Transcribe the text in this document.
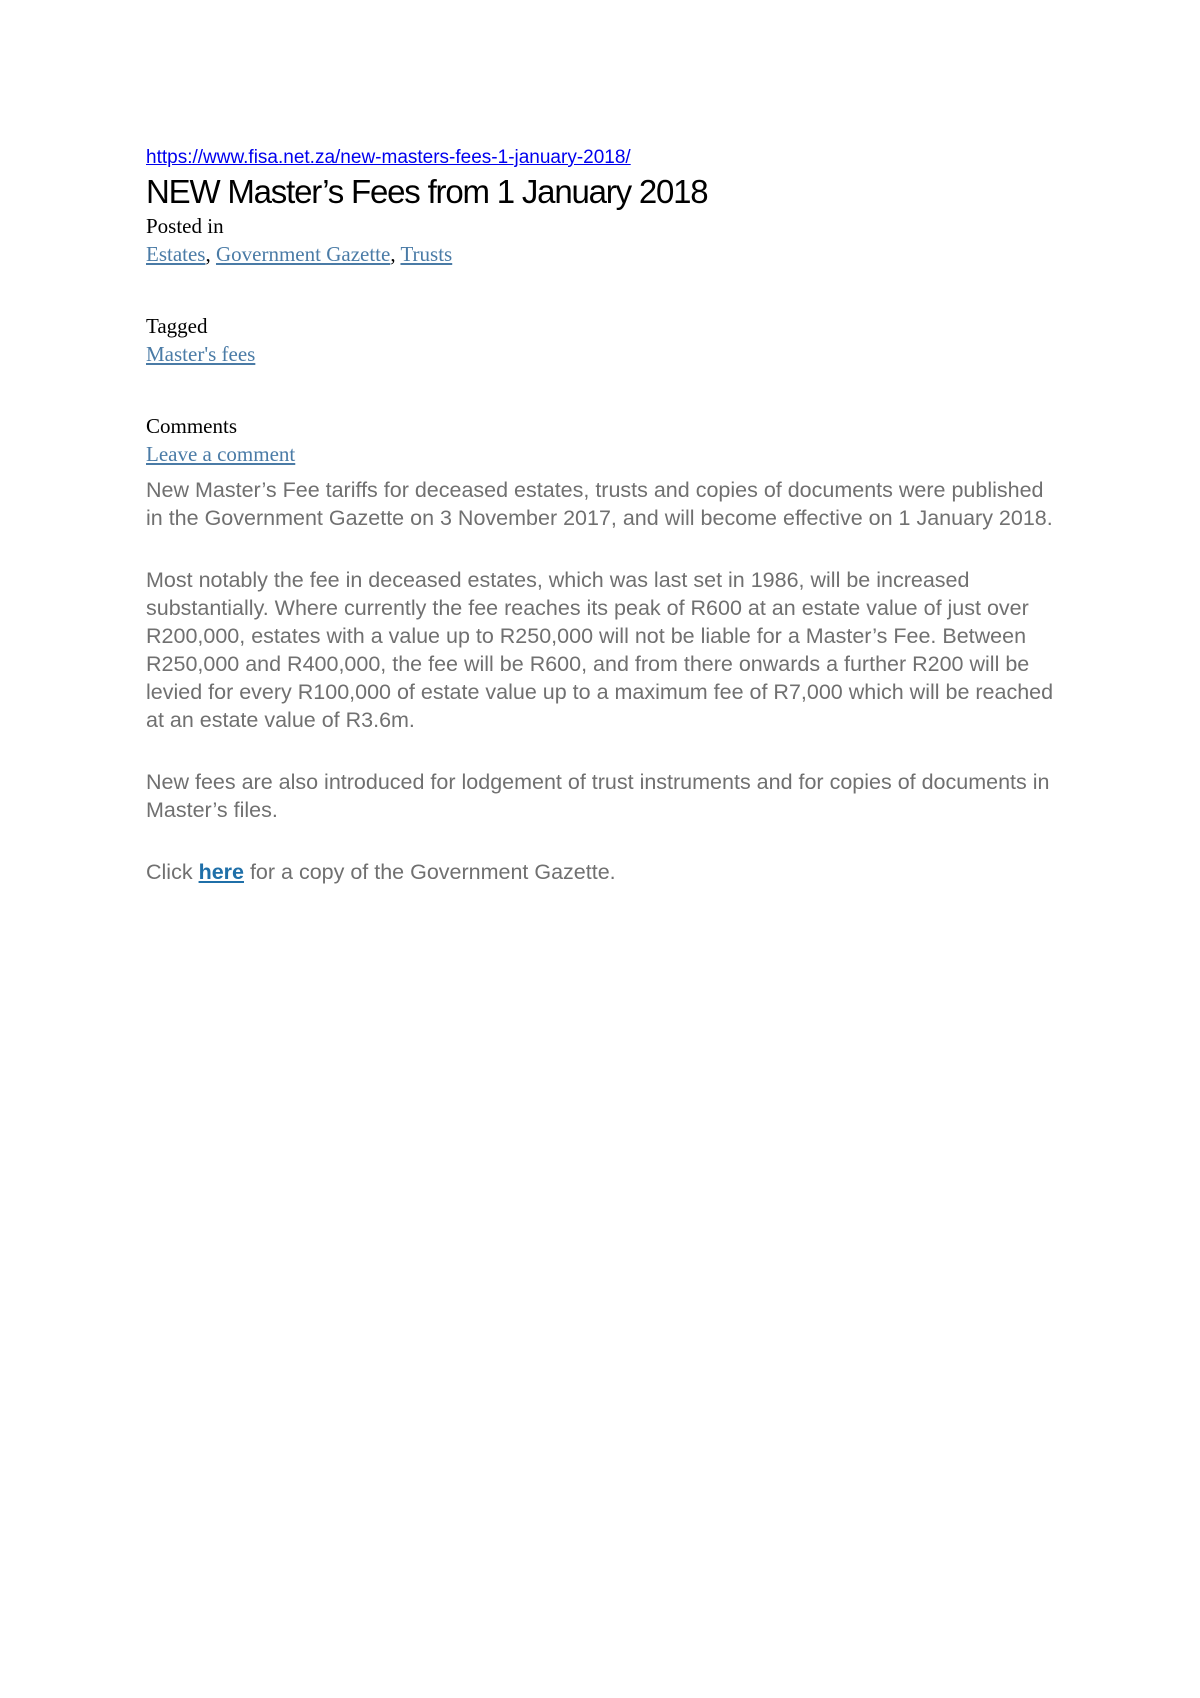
https://www.fisa.net.za/new-masters-fees-1-january-2018/
NEW Master’s Fees from 1 January 2018
Posted in
Estates, Government Gazette, Trusts
Tagged
Master's fees
Comments
Leave a comment

New Master’s Fee tariffs for deceased estates, trusts and copies of documents were published in the Government Gazette on 3 November 2017, and will become effective on 1 January 2018.

Most notably the fee in deceased estates, which was last set in 1986, will be increased substantially. Where currently the fee reaches its peak of R600 at an estate value of just over R200,000, estates with a value up to R250,000 will not be liable for a Master’s Fee. Between R250,000 and R400,000, the fee will be R600, and from there onwards a further R200 will be levied for every R100,000 of estate value up to a maximum fee of R7,000 which will be reached at an estate value of R3.6m.

New fees are also introduced for lodgement of trust instruments and for copies of documents in Master’s files.

Click here for a copy of the Government Gazette.
